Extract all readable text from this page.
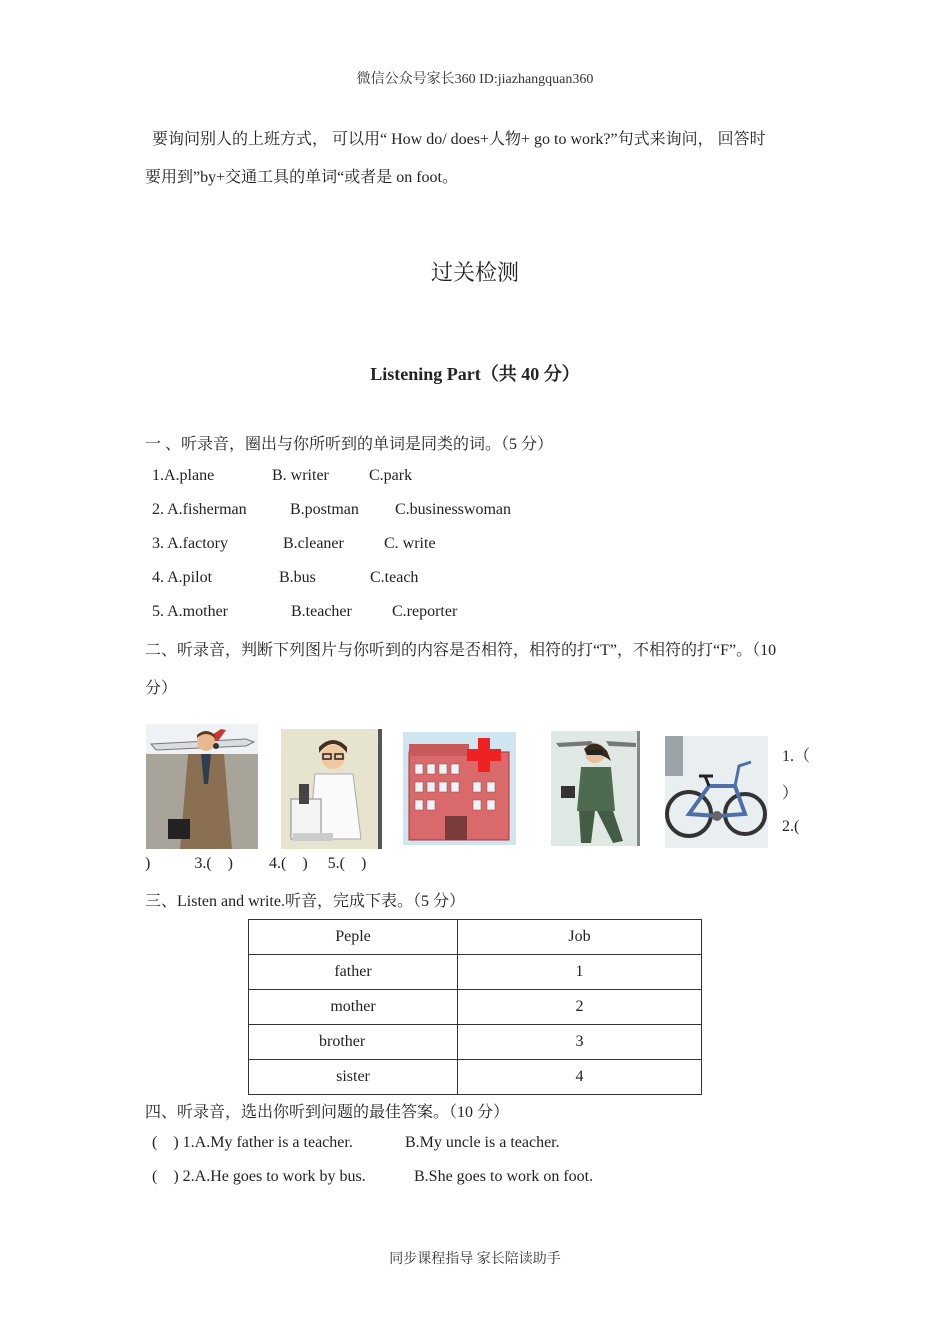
微信公众号家长360 ID:jiazhangquan360
要询问别人的上班方式， 可以用“ How do/ does+人物+ go to work?”句式来询问， 回答时
要用到”by+交通工具的单词“或者是 on foot。
过关检测
Listening Part（共 40 分）
一 、听录音，圈出与你所听到的单词是同类的词。（5 分）
1.A.plane	B. writer	C.park
2. A.fisherman	B.postman C.businesswoman
3. A.factory	B.cleaner	C. write
4. A.pilot	B.bus	C.teach
5. A.mother	B.teacher	C.reporter
二、听录音，判断下列图片与你听到的内容是否相符，相符的打“T”，不相符的打“F”。（10
分）
1.（
）
2.(
)           3.(    )         4.(    )     5.(    )
三、Listen and write.听音，完成下表。（5 分）
Peple	Job
father	1
mother	2
brother	3
sister	4
四、听录音，选出你听到问题的最佳答案。（10 分）
(    ) 1.A.My father is a teacher.	B.My uncle is a teacher.
(    ) 2.A.He goes to work by bus.	B.She goes to work on foot.
同步课程指导 家长陪读助手
